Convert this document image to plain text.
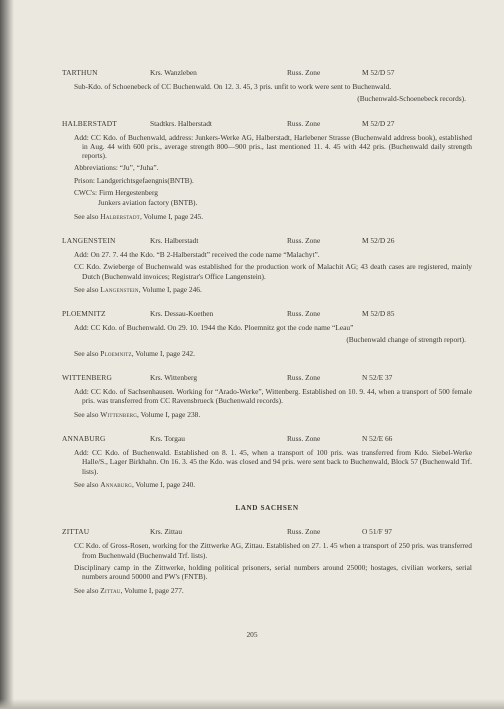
TARTHUN	Krs. Wanzleben	Russ. Zone	M 52/D 57
Sub-Kdo. of Schoenebeck of CC Buchenwald. On 12. 3. 45, 3 pris. unfit to work were sent to Buchenwald.
(Buchenwald-Schoenebeck records).
HALBERSTADT	Stadtkrs. Halberstadt	Russ. Zone	M 52/D 27
Add: CC Kdo. of Buchenwald, address: Junkers-Werke AG, Halberstadt, Harlebener Strasse (Buchenwald address book), established in Aug. 44 with 600 pris., average strength 800—900 pris., last mentioned 11. 4. 45 with 442 pris. (Buchenwald daily strength reports).
Abbreviations: “Ju”, “Juha”.
Prison: Landgerichtsgefaengnis(BNTB).
CWC's: Firm Hergestenberg
Junkers aviation factory (BNTB).
See also Halberstadt, Volume I, page 245.
LANGENSTEIN	Krs. Halberstadt	Russ. Zone	M 52/D 26
Add: On 27. 7. 44 the Kdo. “B 2-Halberstadt” received the code name “Malachyt”.
CC Kdo. Zwieberge of Buchenwald was established for the production work of Malachit AG; 43 death cases are registered, mainly Dutch (Buchenwald invoices; Registrar's Office Langenstein).
See also Langenstein, Volume I, page 246.
PLOEMNITZ	Krs. Dessau-Koethen	Russ. Zone	M 52/D 85
Add: CC Kdo. of Buchenwald. On 29. 10. 1944 the Kdo. Ploemnitz got the code name “Leau”
(Buchenwald change of strength report).
See also Ploemnitz, Volume I, page 242.
WITTENBERG	Krs. Wittenberg	Russ. Zone	N 52/E 37
Add: CC Kdo. of Sachsenhausen. Working for “Arado-Werke”, Wittenberg. Established on 10. 9. 44, when a transport of 500 female pris. was transferred from CC Ravensbrueck (Buchenwald records).
See also Wittenberg, Volume I, page 238.
ANNABURG	Krs. Torgau	Russ. Zone	N 52/E 66
Add: CC Kdo. of Buchenwald. Established on 8. 1. 45, when a transport of 100 pris. was transferred from Kdo. Siebel-Werke Halle/S., Lager Birkhahn. On 16. 3. 45 the Kdo. was closed and 94 pris. were sent back to Buchenwald, Block 57 (Buchenwald Trf. lists).
See also Annaburg, Volume I, page 240.
LAND SACHSEN
ZITTAU	Krs. Zittau	Russ. Zone	O 51/F 97
CC Kdo. of Gross-Rosen, working for the Zittwerke AG, Zittau. Established on 27. 1. 45 when a transport of 250 pris. was transferred from Buchenwald (Buchenwald Trf. lists).
Disciplinary camp in the Zittwerke, holding political prisoners, serial numbers around 25000; hostages, civilian workers, serial numbers around 50000 and PW's (FNTB).
See also Zittau, Volume I, page 277.
205
